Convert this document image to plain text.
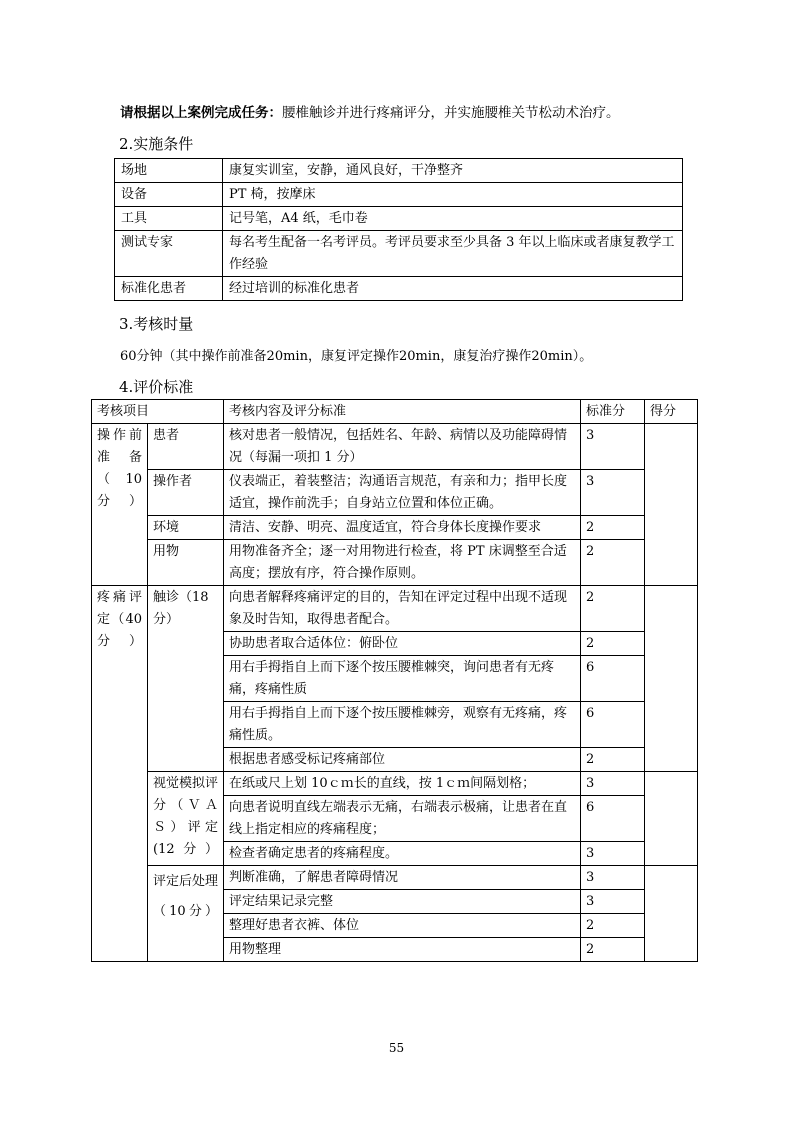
请根据以上案例完成任务：腰椎触诊并进行疼痛评分，并实施腰椎关节松动术治疗。
2.实施条件
场地	康复实训室，安静，通风良好，干净整齐
设备	PT 椅，按摩床
工具	记号笔，A4 纸，毛巾卷
测试专家	每名考生配备一名考评员。考评员要求至少具备 3 年以上临床或者康复教学工作经验
标准化患者	经过培训的标准化患者
3.考核时量
60分钟（其中操作前准备20min，康复评定操作20min，康复治疗操作20min）。
4.评价标准
考核项目		考核内容及评分标准	标准分	得分
操作前准备（10分）	患者	核对患者一般情况，包括姓名、年龄、病情以及功能障碍情况（每漏一项扣 1 分）	3	
	操作者	仪表端正，着装整洁；沟通语言规范，有亲和力；指甲长度适宜，操作前洗手；自身站立位置和体位正确。	3	
	环境	清洁、安静、明亮、温度适宜，符合身体长度操作要求	2	
	用物	用物准备齐全；逐一对用物进行检查，将 PT 床调整至合适高度；摆放有序，符合操作原则。	2	
疼痛评定（40分）	触诊（18分）	向患者解释疼痛评定的目的，告知在评定过程中出现不适现象及时告知，取得患者配合。	2	
		协助患者取合适体位：俯卧位	2	
		用右手拇指自上而下逐个按压腰椎棘突，询问患者有无疼痛，疼痛性质	6	
		用右手拇指自上而下逐个按压腰椎棘旁，观察有无疼痛，疼痛性质。	6	
		根据患者感受标记疼痛部位	2	
	视觉模拟评分（ＶＡＳ）评定(12分）	在纸或尺上划 10ｃｍ长的直线，按 1ｃｍ间隔划格；	3	
		向患者说明直线左端表示无痛，右端表示极痛，让患者在直线上指定相应的疼痛程度；	6	
		检查者确定患者的疼痛程度。	3	
	评定后处理（10分）	判断准确，了解患者障碍情况	3	
		评定结果记录完整	3	
		整理好患者衣裤、体位	2	
		用物整理	2	
55
